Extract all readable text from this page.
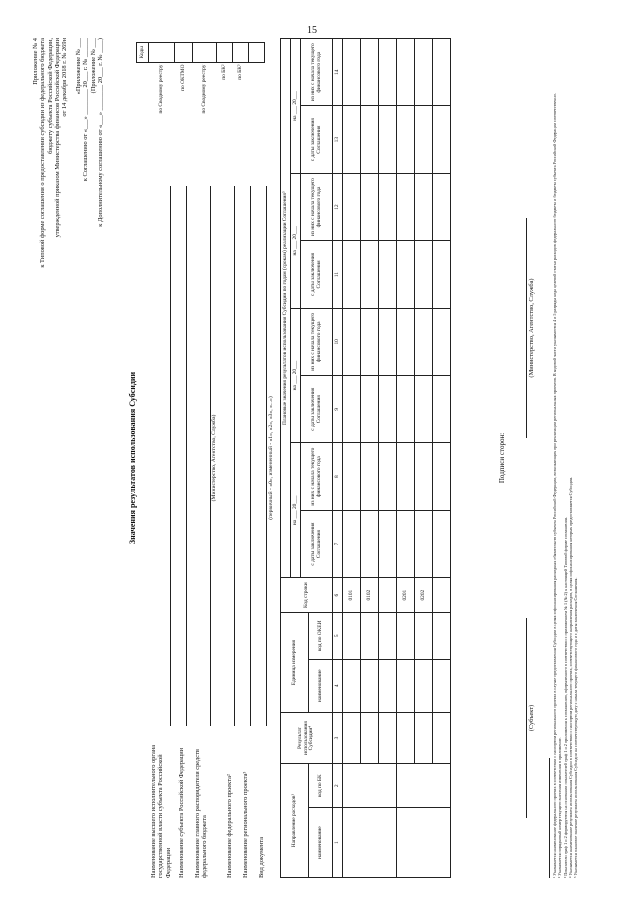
15
Приложение № 4 к Типовой форме соглашения о предоставлении субсидии из федерального бюджета бюджету субъекта Российской Федерации, утвержденной приказом Министерства финансов Российской Федерации от 14 декабря 2018 г. № 269н «Приложение № ___ к Соглашению от «___» ________ 20___ г. № ______ (Приложение № ___ к Дополнительному соглашению от «___» ________ 20___ г. № ____)
Значения результатов использования Субсидии
	Коды
по Сводному реестру	
по ОКТМО	
по Сводному реестру	
по БК²	
по БК³	

Наименование высшего исполнительного органа государственной власти субъекта Российской Федерации Наименование субъекта Российской Федерации Наименование главного распорядителя средств федерального бюджета
(Министерство, Агентство, Служба)
Наименование федерального проекта² Наименование регионального проекта³ Вид документа
(первичный - «0», измененный - «1», «2», «3», «...»)
Направление расходов¹		Результат использования Субсидии⁴	Единица измерения		Код строки	Плановые значения результатов использования Субсидии по годам (срокам) реализации Соглашения⁵							
						на ___ 20___		на ___ 20___		на ___ 20___		на ___ 20___	
						с даты заключения Соглашения	из них с начала текущего финансового года	с даты заключения Соглашения	из них с начала текущего финансового года	с даты заключения Соглашения	из них с начала текущего финансового года	с даты заключения Соглашения	из них с начала текущего финансового года
наименование	код по БК		наименование	код по ОКЕИ									
1	2	3	4	5	6	7	8	9	10	11	12	13	14
					0101								
					0102								

					0201								
					0202								

Подписи сторон:
(Субъект)
(Министерство, Агентство, Служба)	¹ Указывается наименование федерального проекта в соответствии с паспортом регионального проекта в случае предоставления Субсидии в целях софинансирования расходных обязательств субъекта Российской Федерации, возникающих при реализации региональных проектов. В кодовой части указываются 4 и 5 разряды кода целевой статьи расходов федерального бюджета и бюджета субъекта Российской Федерации соответственно. ² Указывается порядковый номер текущего внесения изменения в приложение. ³ Показатели граф 1 и 2 формируются на основании показателей граф 1 и 2 приложения к соглашению, оформленного в соответствии с приложением № 1 (№ 2) к настоящей Типовой форме соглашения. ⁴ Указывается наименование результата использования Субсидии в соответствии с паспортом регионального проекта, соответствующего направления расходов, в целях софинансирования которых предоставляется Субсидия. ⁵ Указывается плановое значение результата использования Субсидии на соответствующую дату с начала текущего финансового года и с даты заключения Соглашения.
